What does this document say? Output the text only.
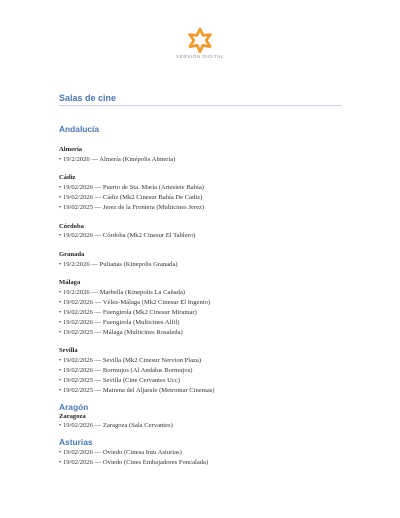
VERSIÓN DIGITAL
Salas de cine
Andalucía
Almería
• 19/2/2026 — Almería (Kinépolis Almería)
Cádiz
• 19/02/2026 — Puerto de Sta. María (Artesiete Bahía)
• 19/02/2026 — Cádiz (Mk2 Cinesur Bahía De Cadiz)
• 19/02/2025 — Jerez de la Frontera (Multicines Jerez)
Córdoba
• 19/02/2026 — Córdoba (Mk2 Cinesur El Tablero)
Granada
• 19/2/2026 — Pulianas (Kinepolis Granada)
Málaga
• 19/2/2026 — Marbella (Kinepolis La Cañada)
• 19/02/2026 — Vélez-Málaga (Mk2 Cinesur El Ingenio)
• 19/02/2026 — Fuengirola (Mk2 Cinesur Miramar)
• 19/02/2026 — Fuengirola (Multicines Alfil)
• 19/02/2025 — Málaga (Multicines Rosaleda)
Sevilla
• 19/02/2026 — Sevilla (Mk2 Cinesur Nervion Plaza)
• 19/02/2026 — Bormujos (Al Andalus Bormujos)
• 19/02/2025 — Sevilla (Cine Cervantes Ucc)
• 19/02/2025 — Mairena del Aljarafe (Metromar Cinemas)
Aragón
Zaragoza
• 19/02/2026 — Zaragoza (Sala Cervantes)
Asturias
• 19/02/2026 — Oviedo (Cinesa Intu Asturias)
• 19/02/2026 — Oviedo (Cines Embajadores Foncalada)
